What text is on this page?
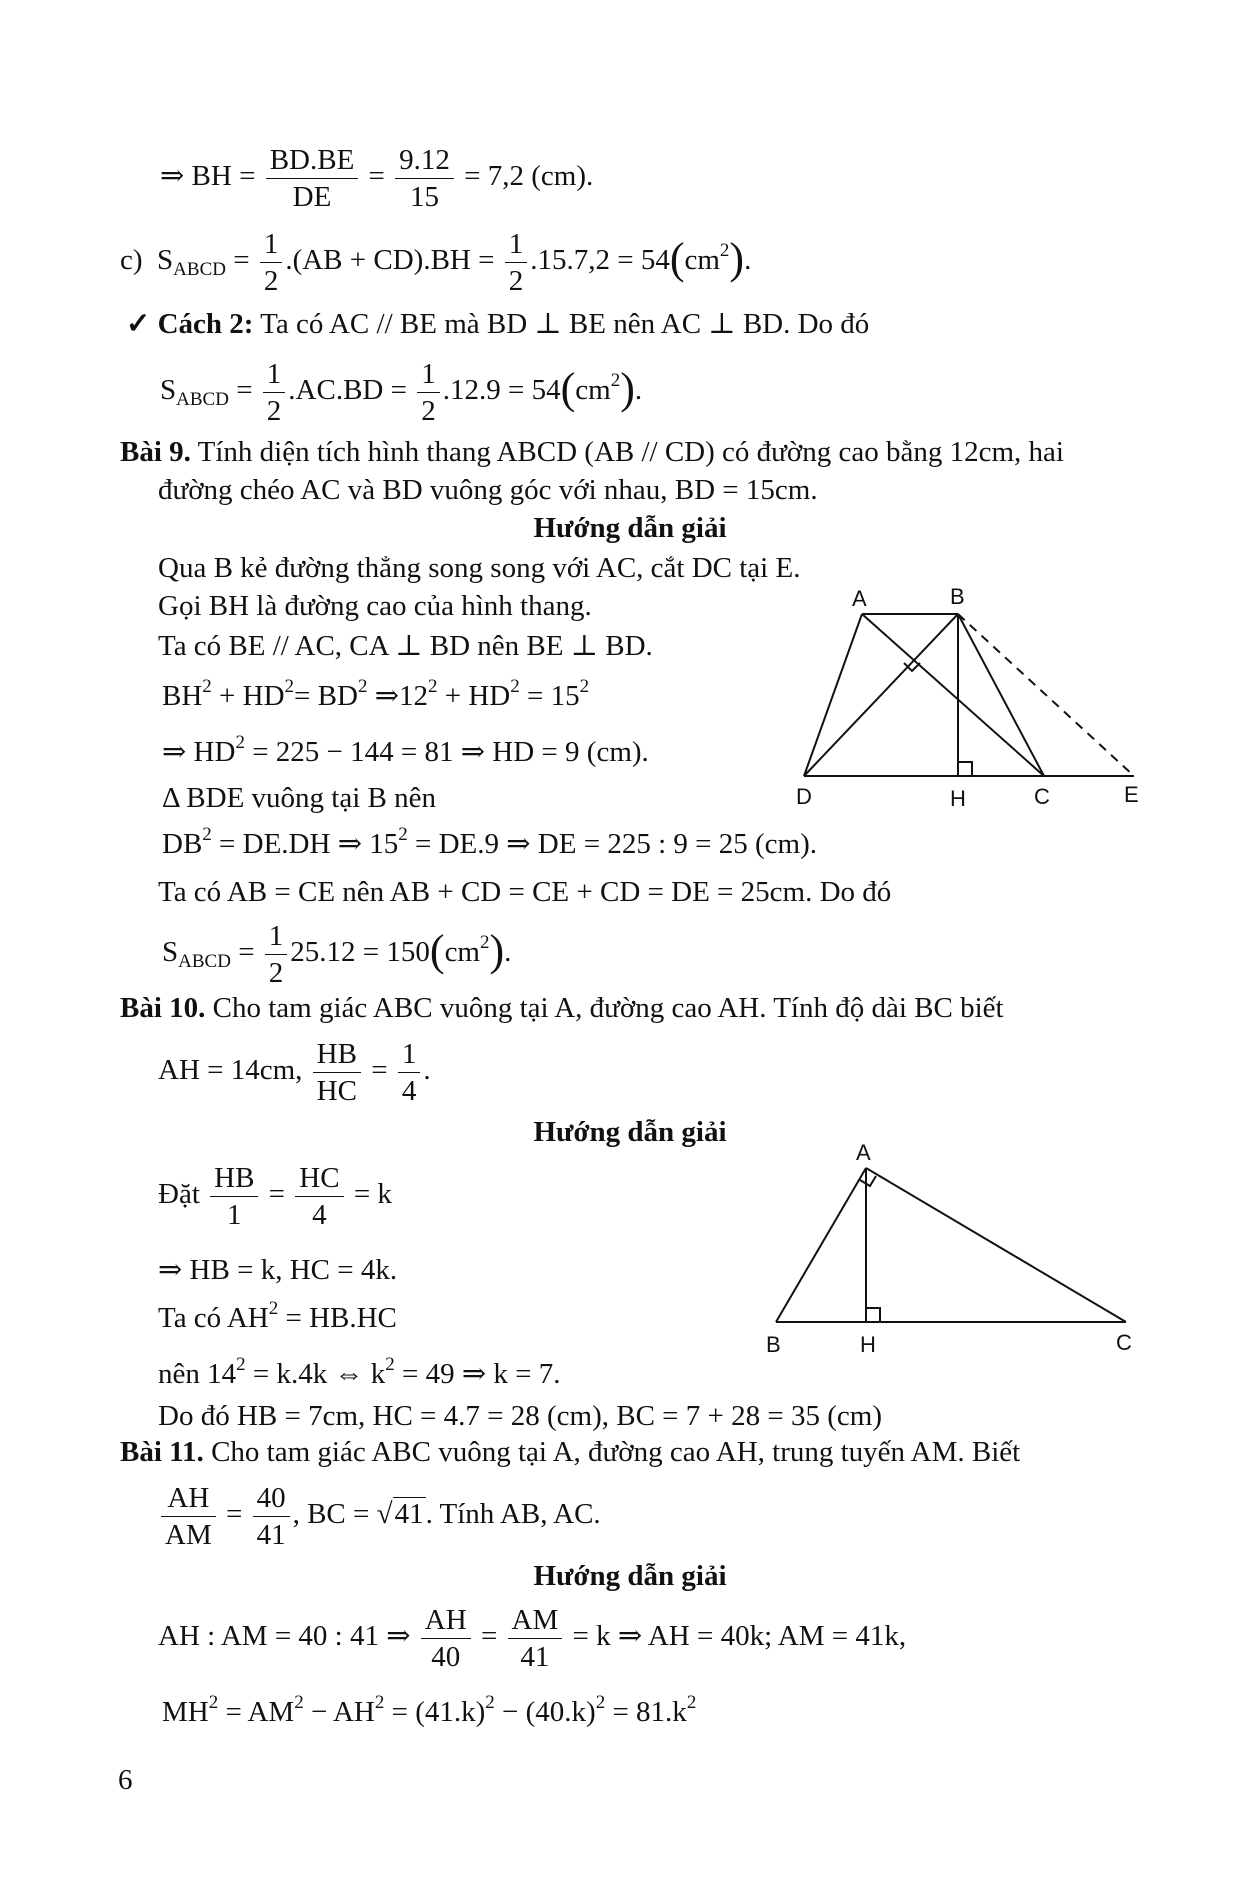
⇒ BH = $\frac{BD.BE}{DE} = \frac{9.12}{15} = 7,2$ (cm).
c) $S_{ABCD} = \frac{1}{2} .(AB + CD).BH = \frac{1}{2} .15.7,2 = 54(cm^2)$.
✓ Cách 2: Ta có AC // BE mà BD ⊥ BE nên AC ⊥ BD. Do đó
$S_{ABCD} = \frac{1}{2} .AC.BD = \frac{1}{2} .12.9 = 54(cm^2)$.
Bài 9. Tính diện tích hình thang ABCD (AB // CD) có đường cao bằng 12cm, hai
đường chéo AC và BD vuông góc với nhau, BD = 15cm.
Hướng dẫn giải
Qua B kẻ đường thẳng song song với AC, cắt DC tại E.
Gọi BH là đường cao của hình thang.
Ta có BE // AC, CA ⊥ BD nên BE ⊥ BD.
$BH^2 + HD^2= BD^2$ $\Rightarrow 12^2 + HD^2 = 15^2$
⇒ $HD^2 = 225 - 144 = 81$ ⇒ HD = 9 (cm).
Δ BDE vuông tại B nên
$DB^2 = DE.DH$ ⇒ $15^2 = DE.9$ ⇒ DE = 225 : 9 = 25 (cm).
Ta có AB = CE nên AB + CD = CE + CD = DE = 25cm. Do đó
$S_{ABCD} = \frac{1}{2} 25.12 = 150(cm^2)$.
A	B
D	H	C	E
Bài 10. Cho tam giác ABC vuông tại A, đường cao AH. Tính độ dài BC biết
AH = 14cm, $\frac{HB}{HC} = \frac{1}{4}$ .
Hướng dẫn giải
Đặt $\frac{HB}{1} = \frac{HC}{4} = k$
⇒ HB = k, HC = 4k.
Ta có $AH^2 = HB.HC$
nên $14^2 = k.4k$ ⇔ $k^2 = 49$ ⇒ k = 7.
Do đó HB = 7cm, HC = 4.7 = 28 (cm), BC = 7 + 28 = 35 (cm)
A
B	H	C
Bài 11. Cho tam giác ABC vuông tại A, đường cao AH, trung tuyến AM. Biết
$\frac{AH}{AM} = \frac{40}{41}$ , BC = √41. Tính AB, AC.
Hướng dẫn giải
AH : AM = 40 : 41 ⇒ $\frac{AH}{40} = \frac{AM}{41} = k$ ⇒ AH = 40k; AM = 41k,
$MH^2 = AM^2 - AH^2 = (41.k)^2 - (40.k)^2 = 81.k^2$
6
